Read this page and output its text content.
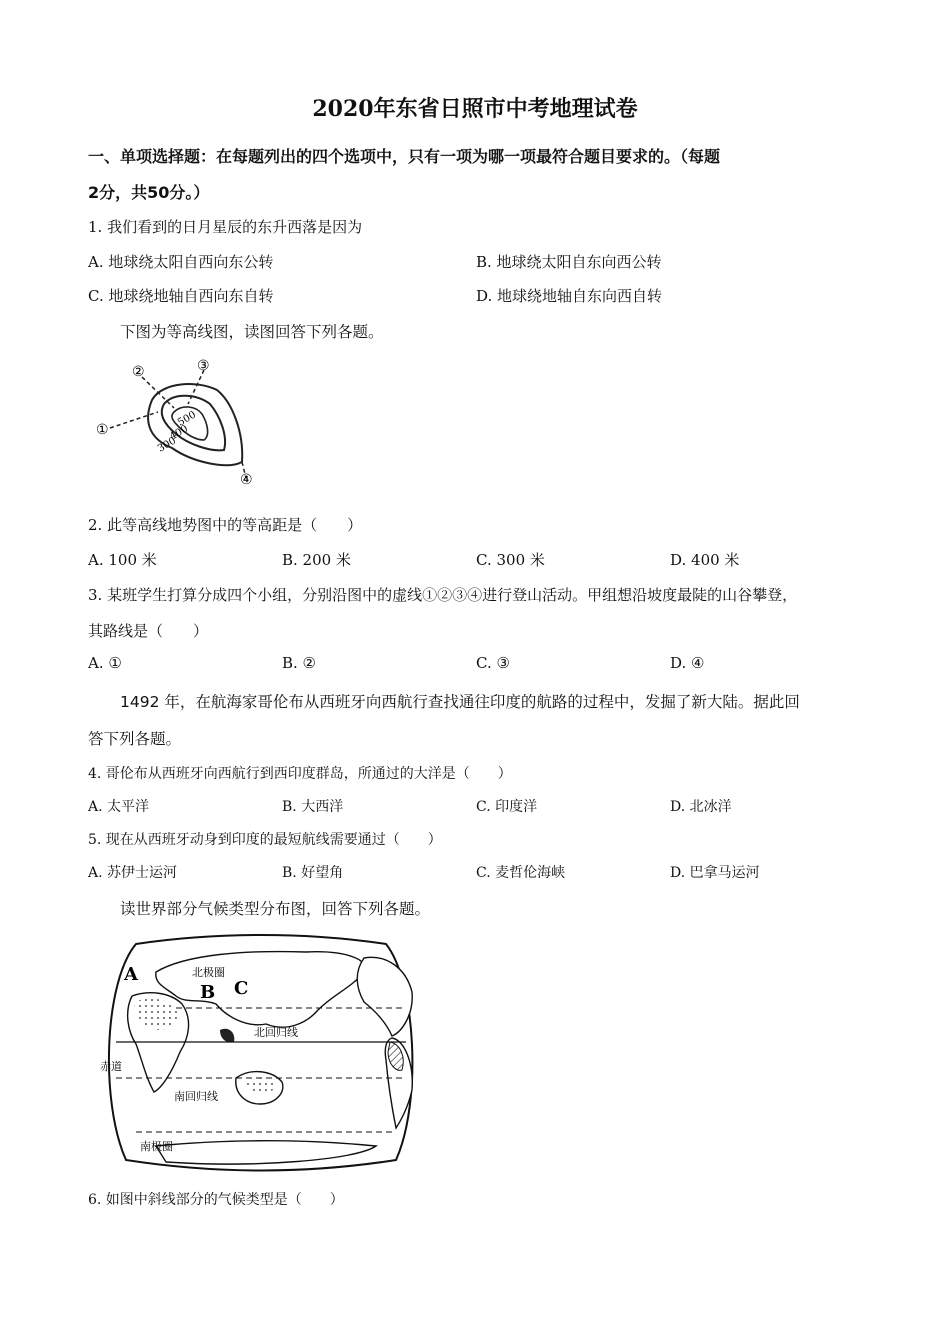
2020年东省日照市中考地理试卷
一、单项选择题：在每题列出的四个选项中，只有一项为哪一项最符合题目要求的。（每题
2分，共50分。）
1. 我们看到的日月星辰的东升西落是因为
A. 地球绕太阳自西向东公转	B. 地球绕太阳自东向西公转
C. 地球绕地轴自西向东自转	D. 地球绕地轴自东向西自转
下图为等高线图，读图回答下列各题。
①
②	③
④
500
400
300
2. 此等高线地势图中的等高距是（　　）
A. 100 米	B. 200 米	C. 300 米	D. 400 米
3. 某班学生打算分成四个小组，分别沿图中的虚线①②③④进行登山活动。甲组想沿坡度最陡的山谷攀登，
其路线是（　　）
A. ①	B. ②	C. ③	D. ④
1492 年，在航海家哥伦布从西班牙向西航行查找通往印度的航路的过程中，发掘了新大陆。据此回
答下列各题。
4. 哥伦布从西班牙向西航行到西印度群岛，所通过的大洋是（　　）
A. 太平洋	B. 大西洋	C. 印度洋	D. 北冰洋
5. 现在从西班牙动身到印度的最短航线需要通过（　　）
A. 苏伊士运河	B. 好望角	C. 麦哲伦海峡	D. 巴拿马运河
读世界部分气候类型分布图，回答下列各题。
A
B C
北极圈
北回归线
赤道
南回归线
南极圈
6. 如图中斜线部分的气候类型是（　　）
